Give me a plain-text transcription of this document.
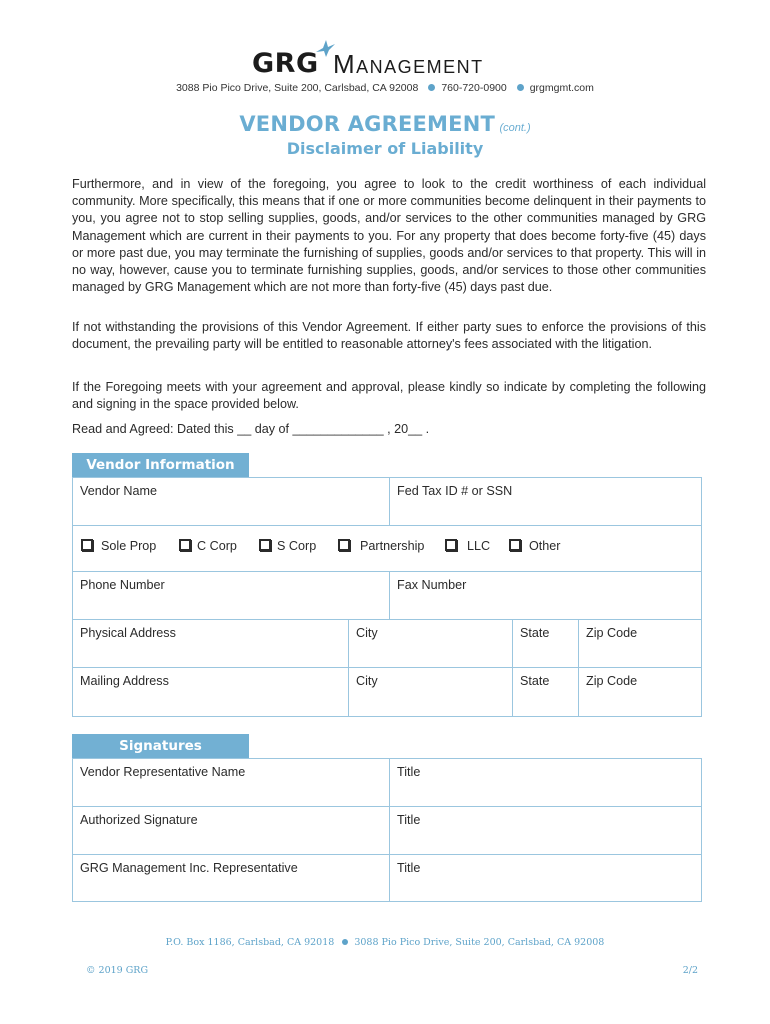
GRG Management
3088 Pio Pico Drive, Suite 200, Carlsbad, CA 92008 760-720-0900 grgmgmt.com
VENDOR AGREEMENT (cont.)
Disclaimer of Liability

Furthermore, and in view of the foregoing, you agree to look to the credit worthiness of each individual community. More specifically, this means that if one or more communities become delinquent in their payments to you, you agree not to stop selling supplies, goods, and/or services to the other communities managed by GRG Management which are current in their payments to you. For any property that does become forty-five (45) days or more past due, you may terminate the furnishing of supplies, goods and/or services to that property. This will in no way, however, cause you to terminate furnishing supplies, goods, and/or services to those other communities managed by GRG Management which are not more than forty-five (45) days past due.

If not withstanding the provisions of this Vendor Agreement. If either party sues to enforce the provisions of this document, the prevailing party will be entitled to reasonable attorney's fees associated with the litigation.

If the Foregoing meets with your agreement and approval, please kindly so indicate by completing the following and signing in the space provided below.

Read and Agreed: Dated this __ day of _____________ , 20__ .

Vendor Information
Vendor Name	Fed Tax ID # or SSN
Sole Prop	C Corp	S Corp	Partnership	LLC	Other
Phone Number	Fax Number
Physical Address	City	State	Zip Code
Mailing Address	City	State	Zip Code
Signatures
Vendor Representative Name	Title
Authorized Signature	Title
GRG Management Inc. Representative	Title
P.O. Box 1186, Carlsbad, CA 92018 3088 Pio Pico Drive, Suite 200, Carlsbad, CA 92008
© 2019 GRG	2/2
